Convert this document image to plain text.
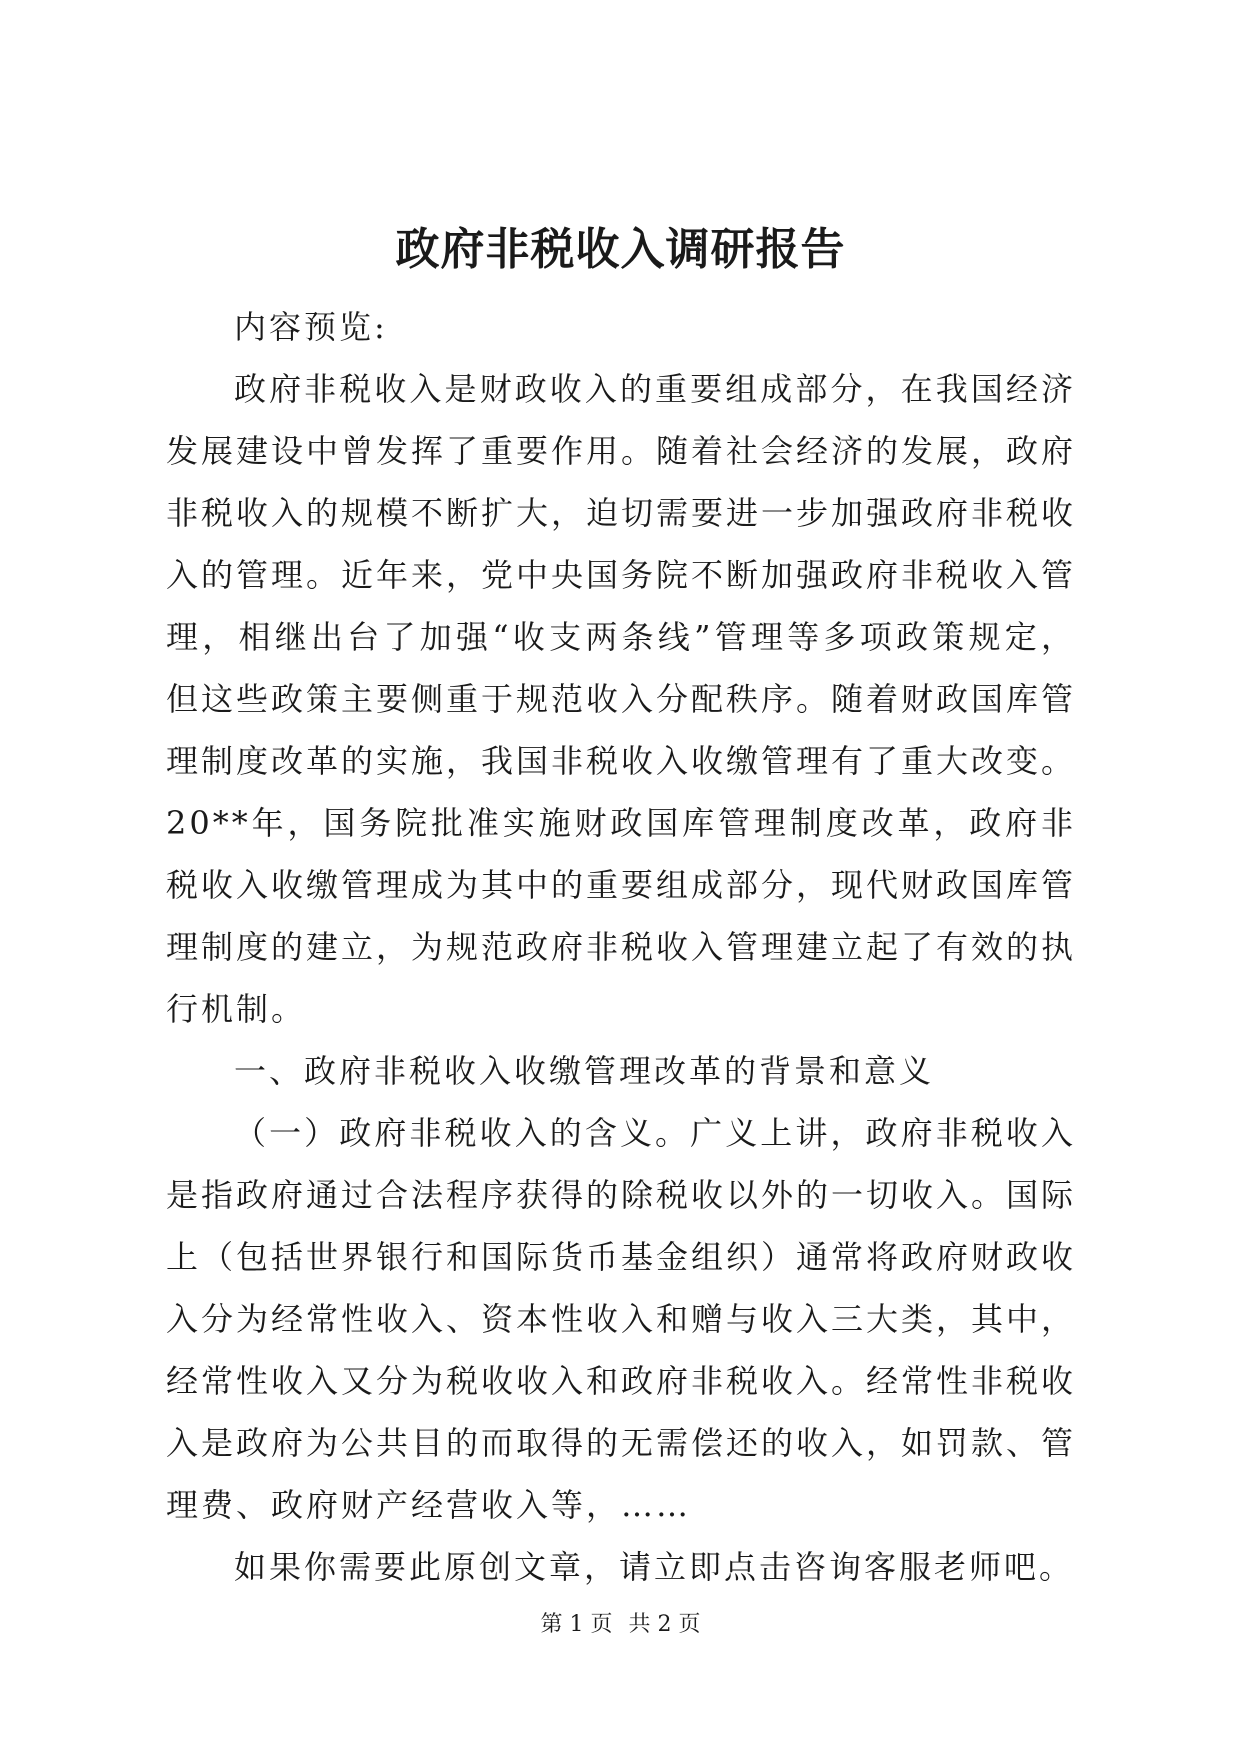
政府非税收入调研报告

内容预览:

政府非税收入是财政收入的重要组成部分，在我国经济发展建设中曾发挥了重要作用。随着社会经济的发展，政府非税收入的规模不断扩大，迫切需要进一步加强政府非税收入的管理。近年来，党中央国务院不断加强政府非税收入管理，相继出台了加强“收支两条线”管理等多项政策规定，但这些政策主要侧重于规范收入分配秩序。随着财政国库管理制度改革的实施，我国非税收入收缴管理有了重大改变。20**年，国务院批准实施财政国库管理制度改革，政府非税收入收缴管理成为其中的重要组成部分，现代财政国库管理制度的建立，为规范政府非税收入管理建立起了有效的执行机制。

一、政府非税收入收缴管理改革的背景和意义

（一）政府非税收入的含义。广义上讲，政府非税收入是指政府通过合法程序获得的除税收以外的一切收入。国际上（包括世界银行和国际货币基金组织）通常将政府财政收入分为经常性收入、资本性收入和赠与收入三大类，其中，经常性收入又分为税收收入和政府非税收入。经常性非税收入是政府为公共目的而取得的无需偿还的收入，如罚款、管理费、政府财产经营收入等，……

如果你需要此原创文章，请立即点击咨询客服老师吧。

第 1 页 共 2 页
